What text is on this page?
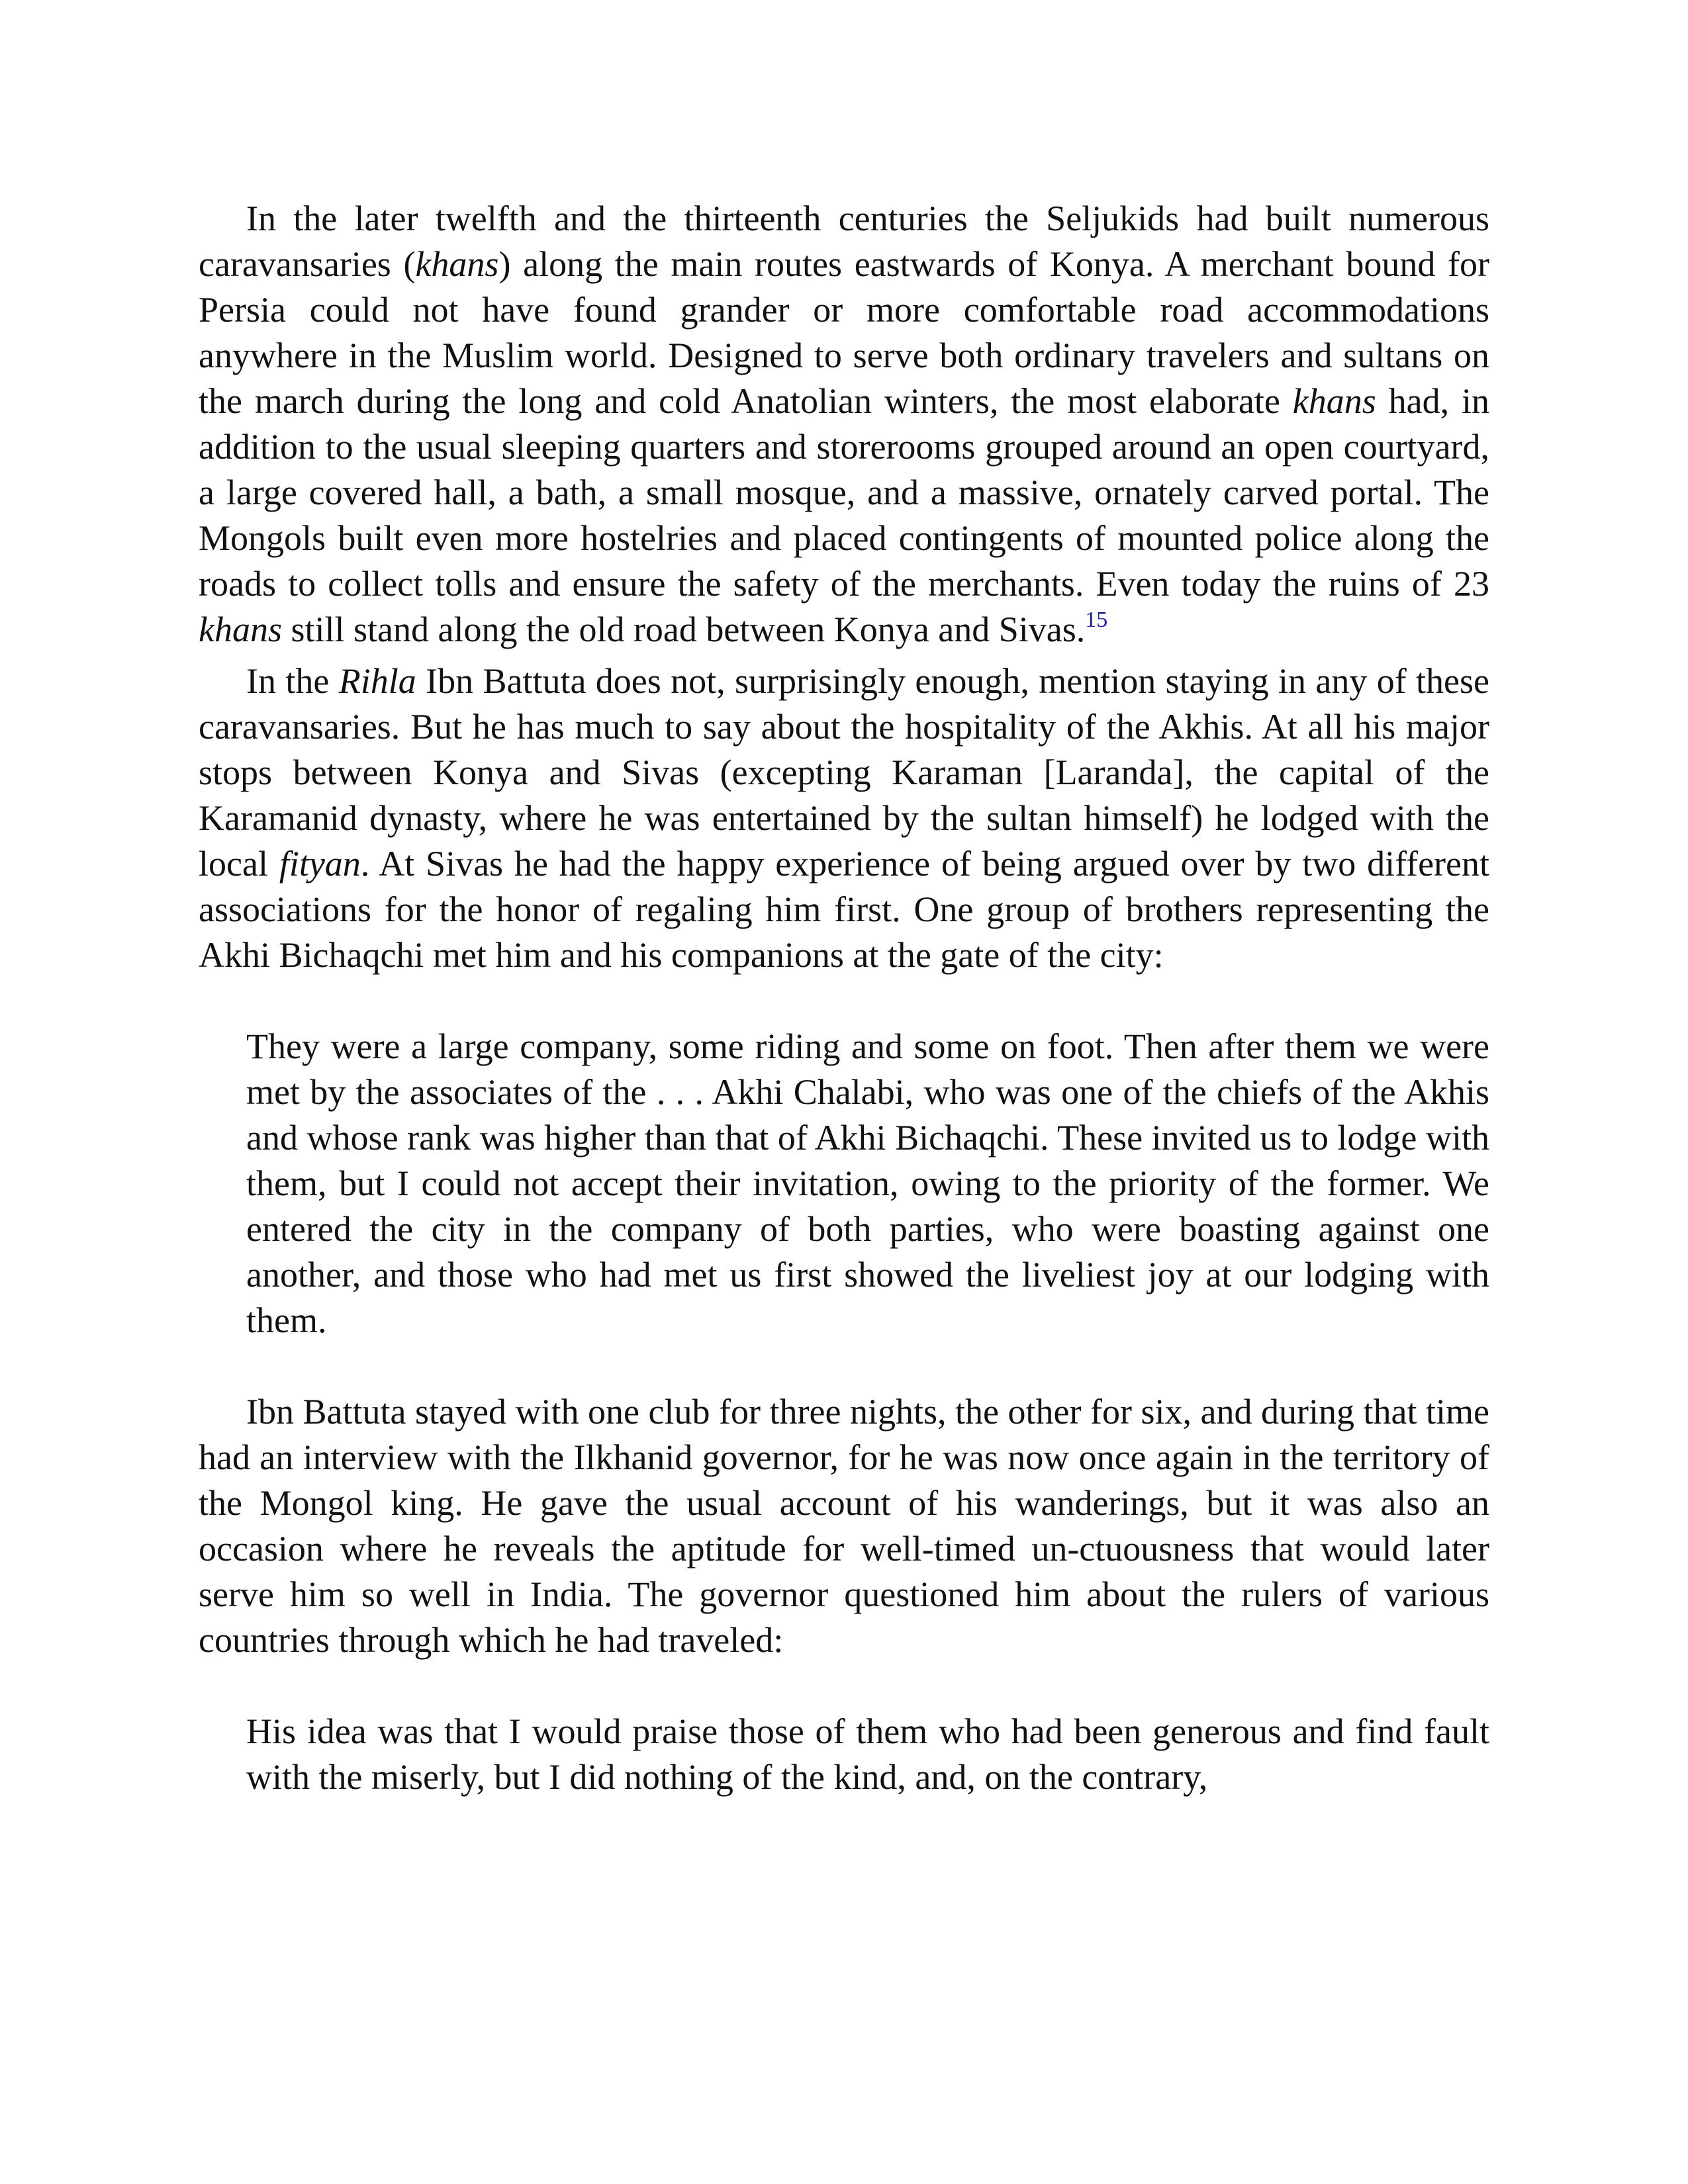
In the later twelfth and the thirteenth centuries the Seljukids had built numerous caravansaries (khans) along the main routes eastwards of Konya. A merchant bound for Persia could not have found grander or more comfortable road accommodations anywhere in the Muslim world. Designed to serve both ordinary travelers and sultans on the march during the long and cold Anatolian winters, the most elaborate khans had, in addition to the usual sleeping quarters and storerooms grouped around an open courtyard, a large covered hall, a bath, a small mosque, and a massive, ornately carved portal. The Mongols built even more hostelries and placed contingents of mounted police along the roads to collect tolls and ensure the safety of the merchants. Even today the ruins of 23 khans still stand along the old road between Konya and Sivas.$^{15}$

In the Rihla Ibn Battuta does not, surprisingly enough, mention staying in any of these caravansaries. But he has much to say about the hospitality of the Akhis. At all his major stops between Konya and Sivas (excepting Karaman [Laranda], the capital of the Karamanid dynasty, where he was entertained by the sultan himself) he lodged with the local fityan. At Sivas he had the happy experience of being argued over by two different associations for the honor of regaling him first. One group of brothers representing the Akhi Bichaqchi met him and his companions at the gate of the city:

They were a large company, some riding and some on foot. Then after them we were met by the associates of the . . . Akhi Chalabi, who was one of the chiefs of the Akhis and whose rank was higher than that of Akhi Bichaqchi. These invited us to lodge with them, but I could not accept their invitation, owing to the priority of the former. We entered the city in the company of both parties, who were boasting against one another, and those who had met us first showed the liveliest joy at our lodging with them.

Ibn Battuta stayed with one club for three nights, the other for six, and during that time had an interview with the Ilkhanid governor, for he was now once again in the territory of the Mongol king. He gave the usual account of his wanderings, but it was also an occasion where he reveals the aptitude for well-timed un-ctuousness that would later serve him so well in India. The governor questioned him about the rulers of various countries through which he had traveled:

His idea was that I would praise those of them who had been generous and find fault with the miserly, but I did nothing of the kind, and, on the contrary,
